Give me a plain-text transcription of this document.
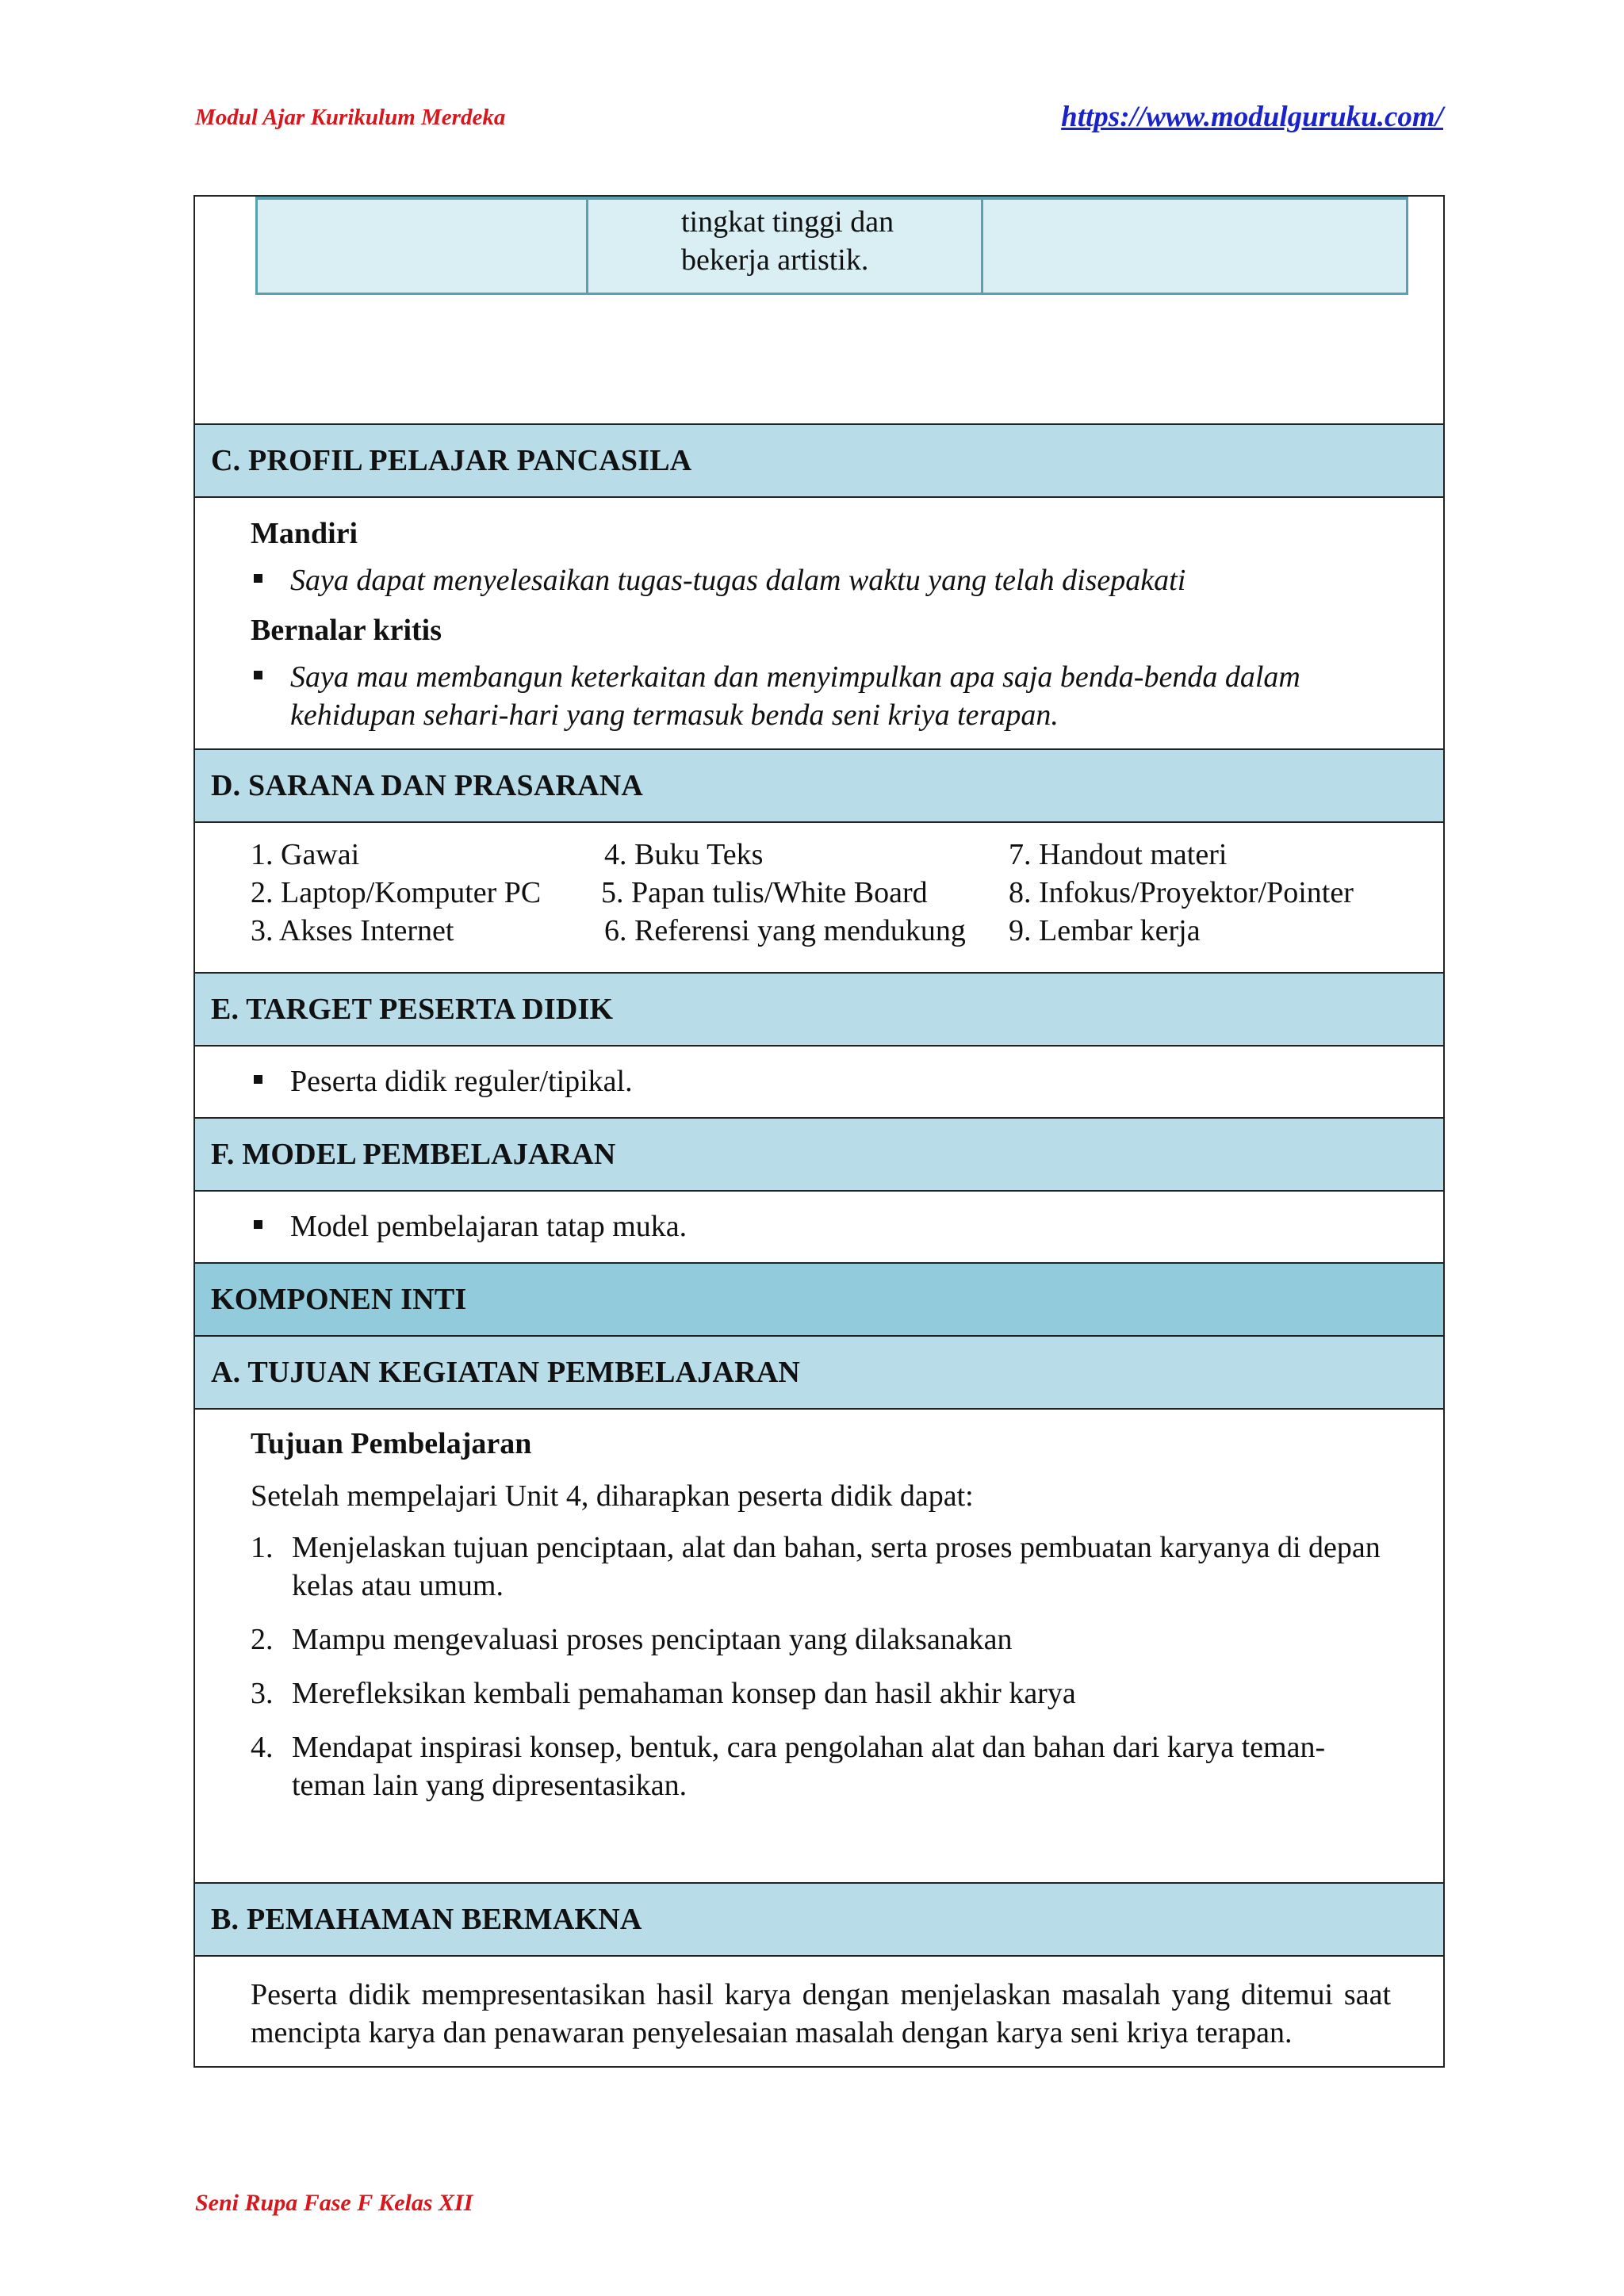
Modul Ajar Kurikulum Merdeka	https://www.modulguruku.com/
tingkat tinggi dan
bekerja artistik.
C. PROFIL PELAJAR PANCASILA
Mandiri
Saya dapat menyelesaikan tugas-tugas dalam waktu yang telah disepakati
Bernalar kritis
Saya mau membangun keterkaitan dan menyimpulkan apa saja benda-benda dalam kehidupan sehari-hari yang termasuk benda seni kriya terapan.
D. SARANA DAN PRASARANA
1. Gawai
2. Laptop/Komputer PC
3. Akses Internet
4. Buku Teks
5. Papan tulis/White Board
6. Referensi yang mendukung
7. Handout materi
8. Infokus/Proyektor/Pointer
9. Lembar kerja
E. TARGET PESERTA DIDIK
Peserta didik reguler/tipikal.
F. MODEL PEMBELAJARAN
Model pembelajaran tatap muka.
KOMPONEN INTI
A. TUJUAN KEGIATAN PEMBELAJARAN
Tujuan Pembelajaran
Setelah mempelajari Unit 4, diharapkan peserta didik dapat:
1. Menjelaskan tujuan penciptaan, alat dan bahan, serta proses pembuatan karyanya di depan kelas atau umum.
2. Mampu mengevaluasi proses penciptaan yang dilaksanakan
3. Merefleksikan kembali pemahaman konsep dan hasil akhir karya
4. Mendapat inspirasi konsep, bentuk, cara pengolahan alat dan bahan dari karya teman-teman lain yang dipresentasikan.
B. PEMAHAMAN BERMAKNA
Peserta didik mempresentasikan hasil karya dengan menjelaskan masalah yang ditemui saat mencipta karya dan penawaran penyelesaian masalah dengan karya seni kriya terapan.
Seni Rupa Fase F Kelas XII
